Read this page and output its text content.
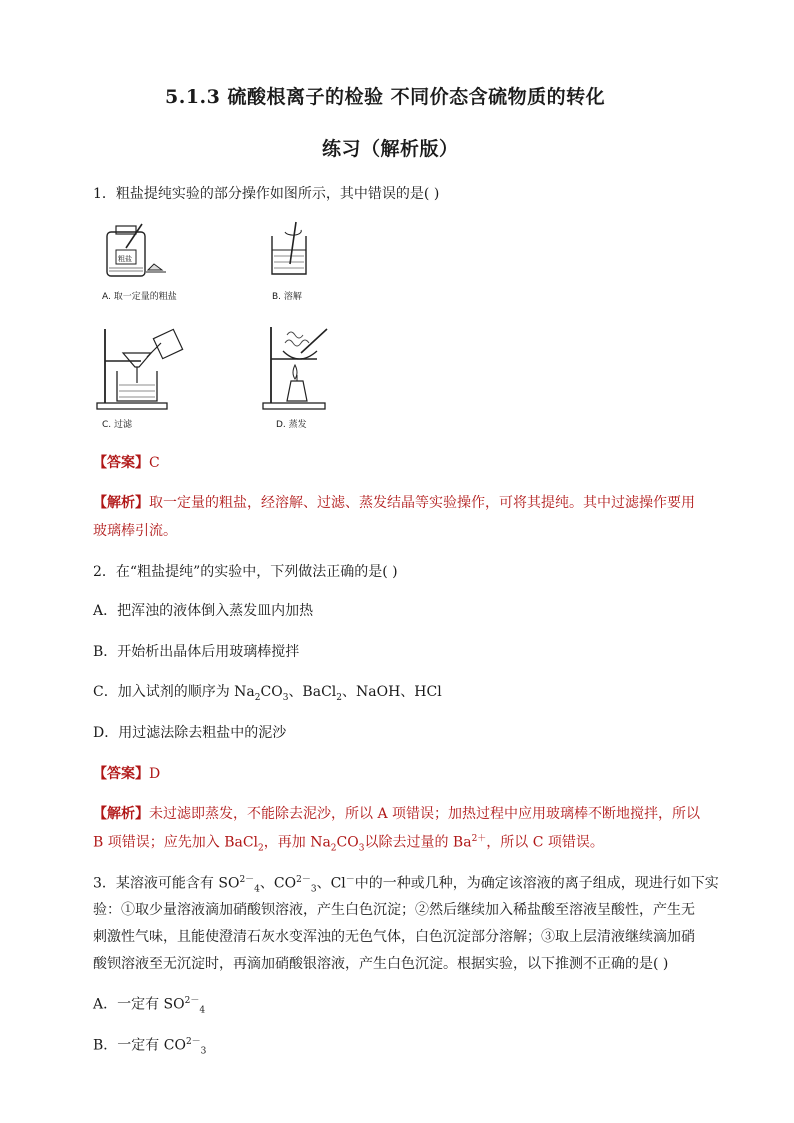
5.1.3 硫酸根离子的检验 不同价态含硫物质的转化
练习（解析版）
1．粗盐提纯实验的部分操作如图所示，其中错误的是( )
粗盐
A. 取一定量的粗盐	B. 溶解
C. 过滤	D. 蒸发
【答案】C
【解析】取一定量的粗盐，经溶解、过滤、蒸发结晶等实验操作，可将其提纯。其中过滤操作要用
玻璃棒引流。
2．在“粗盐提纯”的实验中，下列做法正确的是( )
A．把浑浊的液体倒入蒸发皿内加热
B．开始析出晶体后用玻璃棒搅拌
C．加入试剂的顺序为 $Na_2CO_3$、BaCl$_2$、NaOH、HCl
D．用过滤法除去粗盐中的泥沙
【答案】D
【解析】未过滤即蒸发，不能除去泥沙，所以 A 项错误；加热过程中应用玻璃棒不断地搅拌，所以
B 项错误；应先加入 BaCl$_2$，再加 $Na_2CO_3$以除去过量的 $Ba^{2+}$，所以 C 项错误。
3．某溶液可能含有 $SO^{2-}_4$、$CO^{2-}_3$、Cl－中的一种或几种，为确定该溶液的离子组成，现进行如下实
验：①取少量溶液滴加硝酸钡溶液，产生白色沉淀；②然后继续加入稀盐酸至溶液呈酸性，产生无
刺激性气味，且能使澄清石灰水变浑浊的无色气体，白色沉淀部分溶解；③取上层清液继续滴加硝
酸钡溶液至无沉淀时，再滴加硝酸银溶液，产生白色沉淀。根据实验，以下推测不正确的是( )
A．一定有 $SO^{2-}_4$
B．一定有 $CO^{2-}_3$
